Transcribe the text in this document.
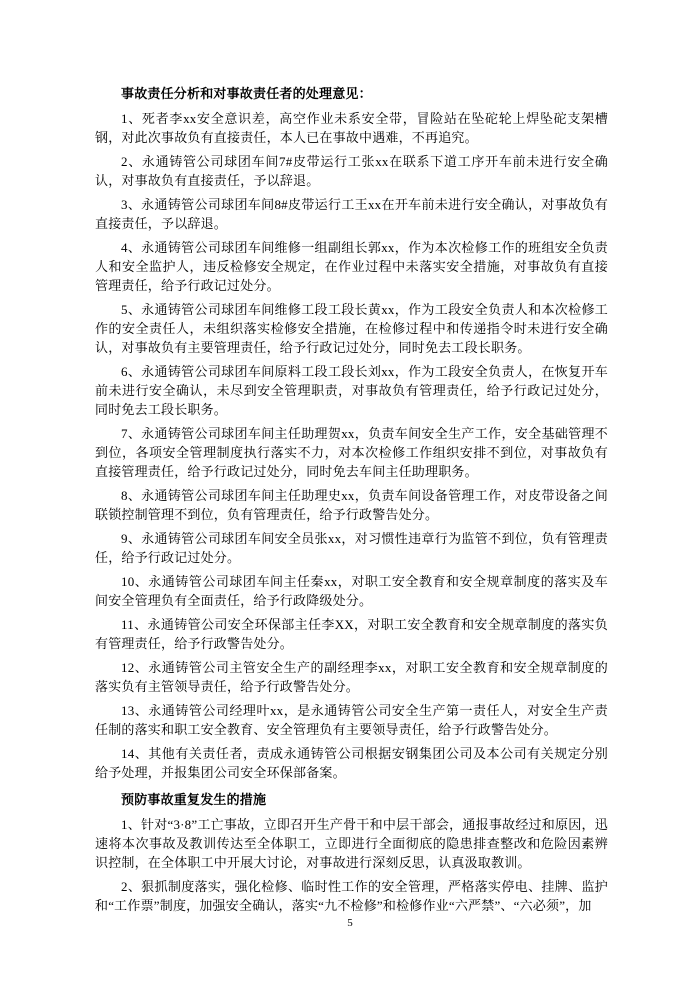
事故责任分析和对事故责任者的处理意见：

1、死者李xx安全意识差，高空作业未系安全带，冒险站在坠砣轮上焊坠砣支架槽钢，对此次事故负有直接责任，本人已在事故中遇难，不再追究。

2、永通铸管公司球团车间7#皮带运行工张xx在联系下道工序开车前未进行安全确认，对事故负有直接责任，予以辞退。

3、永通铸管公司球团车间8#皮带运行工王xx在开车前未进行安全确认，对事故负有直接责任，予以辞退。

4、永通铸管公司球团车间维修一组副组长郭xx，作为本次检修工作的班组安全负责人和安全监护人，违反检修安全规定，在作业过程中未落实安全措施，对事故负有直接管理责任，给予行政记过处分。

5、永通铸管公司球团车间维修工段工段长黄xx，作为工段安全负责人和本次检修工作的安全责任人，未组织落实检修安全措施，在检修过程中和传递指令时未进行安全确认，对事故负有主要管理责任，给予行政记过处分，同时免去工段长职务。

6、永通铸管公司球团车间原料工段工段长刘xx，作为工段安全负责人，在恢复开车前未进行安全确认，未尽到安全管理职责，对事故负有管理责任，给予行政记过处分，同时免去工段长职务。

7、永通铸管公司球团车间主任助理贺xx，负责车间安全生产工作，安全基础管理不到位，各项安全管理制度执行落实不力，对本次检修工作组织安排不到位，对事故负有直接管理责任，给予行政记过处分，同时免去车间主任助理职务。

8、永通铸管公司球团车间主任助理史xx，负责车间设备管理工作，对皮带设备之间联锁控制管理不到位，负有管理责任，给予行政警告处分。

9、永通铸管公司球团车间安全员张xx，对习惯性违章行为监管不到位，负有管理责任，给予行政记过处分。

10、永通铸管公司球团车间主任秦xx，对职工安全教育和安全规章制度的落实及车间安全管理负有全面责任，给予行政降级处分。

11、永通铸管公司安全环保部主任李XX，对职工安全教育和安全规章制度的落实负有管理责任，给予行政警告处分。

12、永通铸管公司主管安全生产的副经理李xx，对职工安全教育和安全规章制度的落实负有主管领导责任，给予行政警告处分。

13、永通铸管公司经理叶xx，是永通铸管公司安全生产第一责任人，对安全生产责任制的落实和职工安全教育、安全管理负有主要领导责任，给予行政警告处分。

14、其他有关责任者，责成永通铸管公司根据安钢集团公司及本公司有关规定分别给予处理，并报集团公司安全环保部备案。

预防事故重复发生的措施

1、针对“3·8”工亡事故，立即召开生产骨干和中层干部会，通报事故经过和原因，迅速将本次事故及教训传达至全体职工，立即进行全面彻底的隐患排查整改和危险因素辨识控制，在全体职工中开展大讨论，对事故进行深刻反思，认真汲取教训。

2、狠抓制度落实，强化检修、临时性工作的安全管理，严格落实停电、挂牌、监护和“工作票”制度，加强安全确认，落实“九不检修”和检修作业“六严禁”、“六必须”，加

5
